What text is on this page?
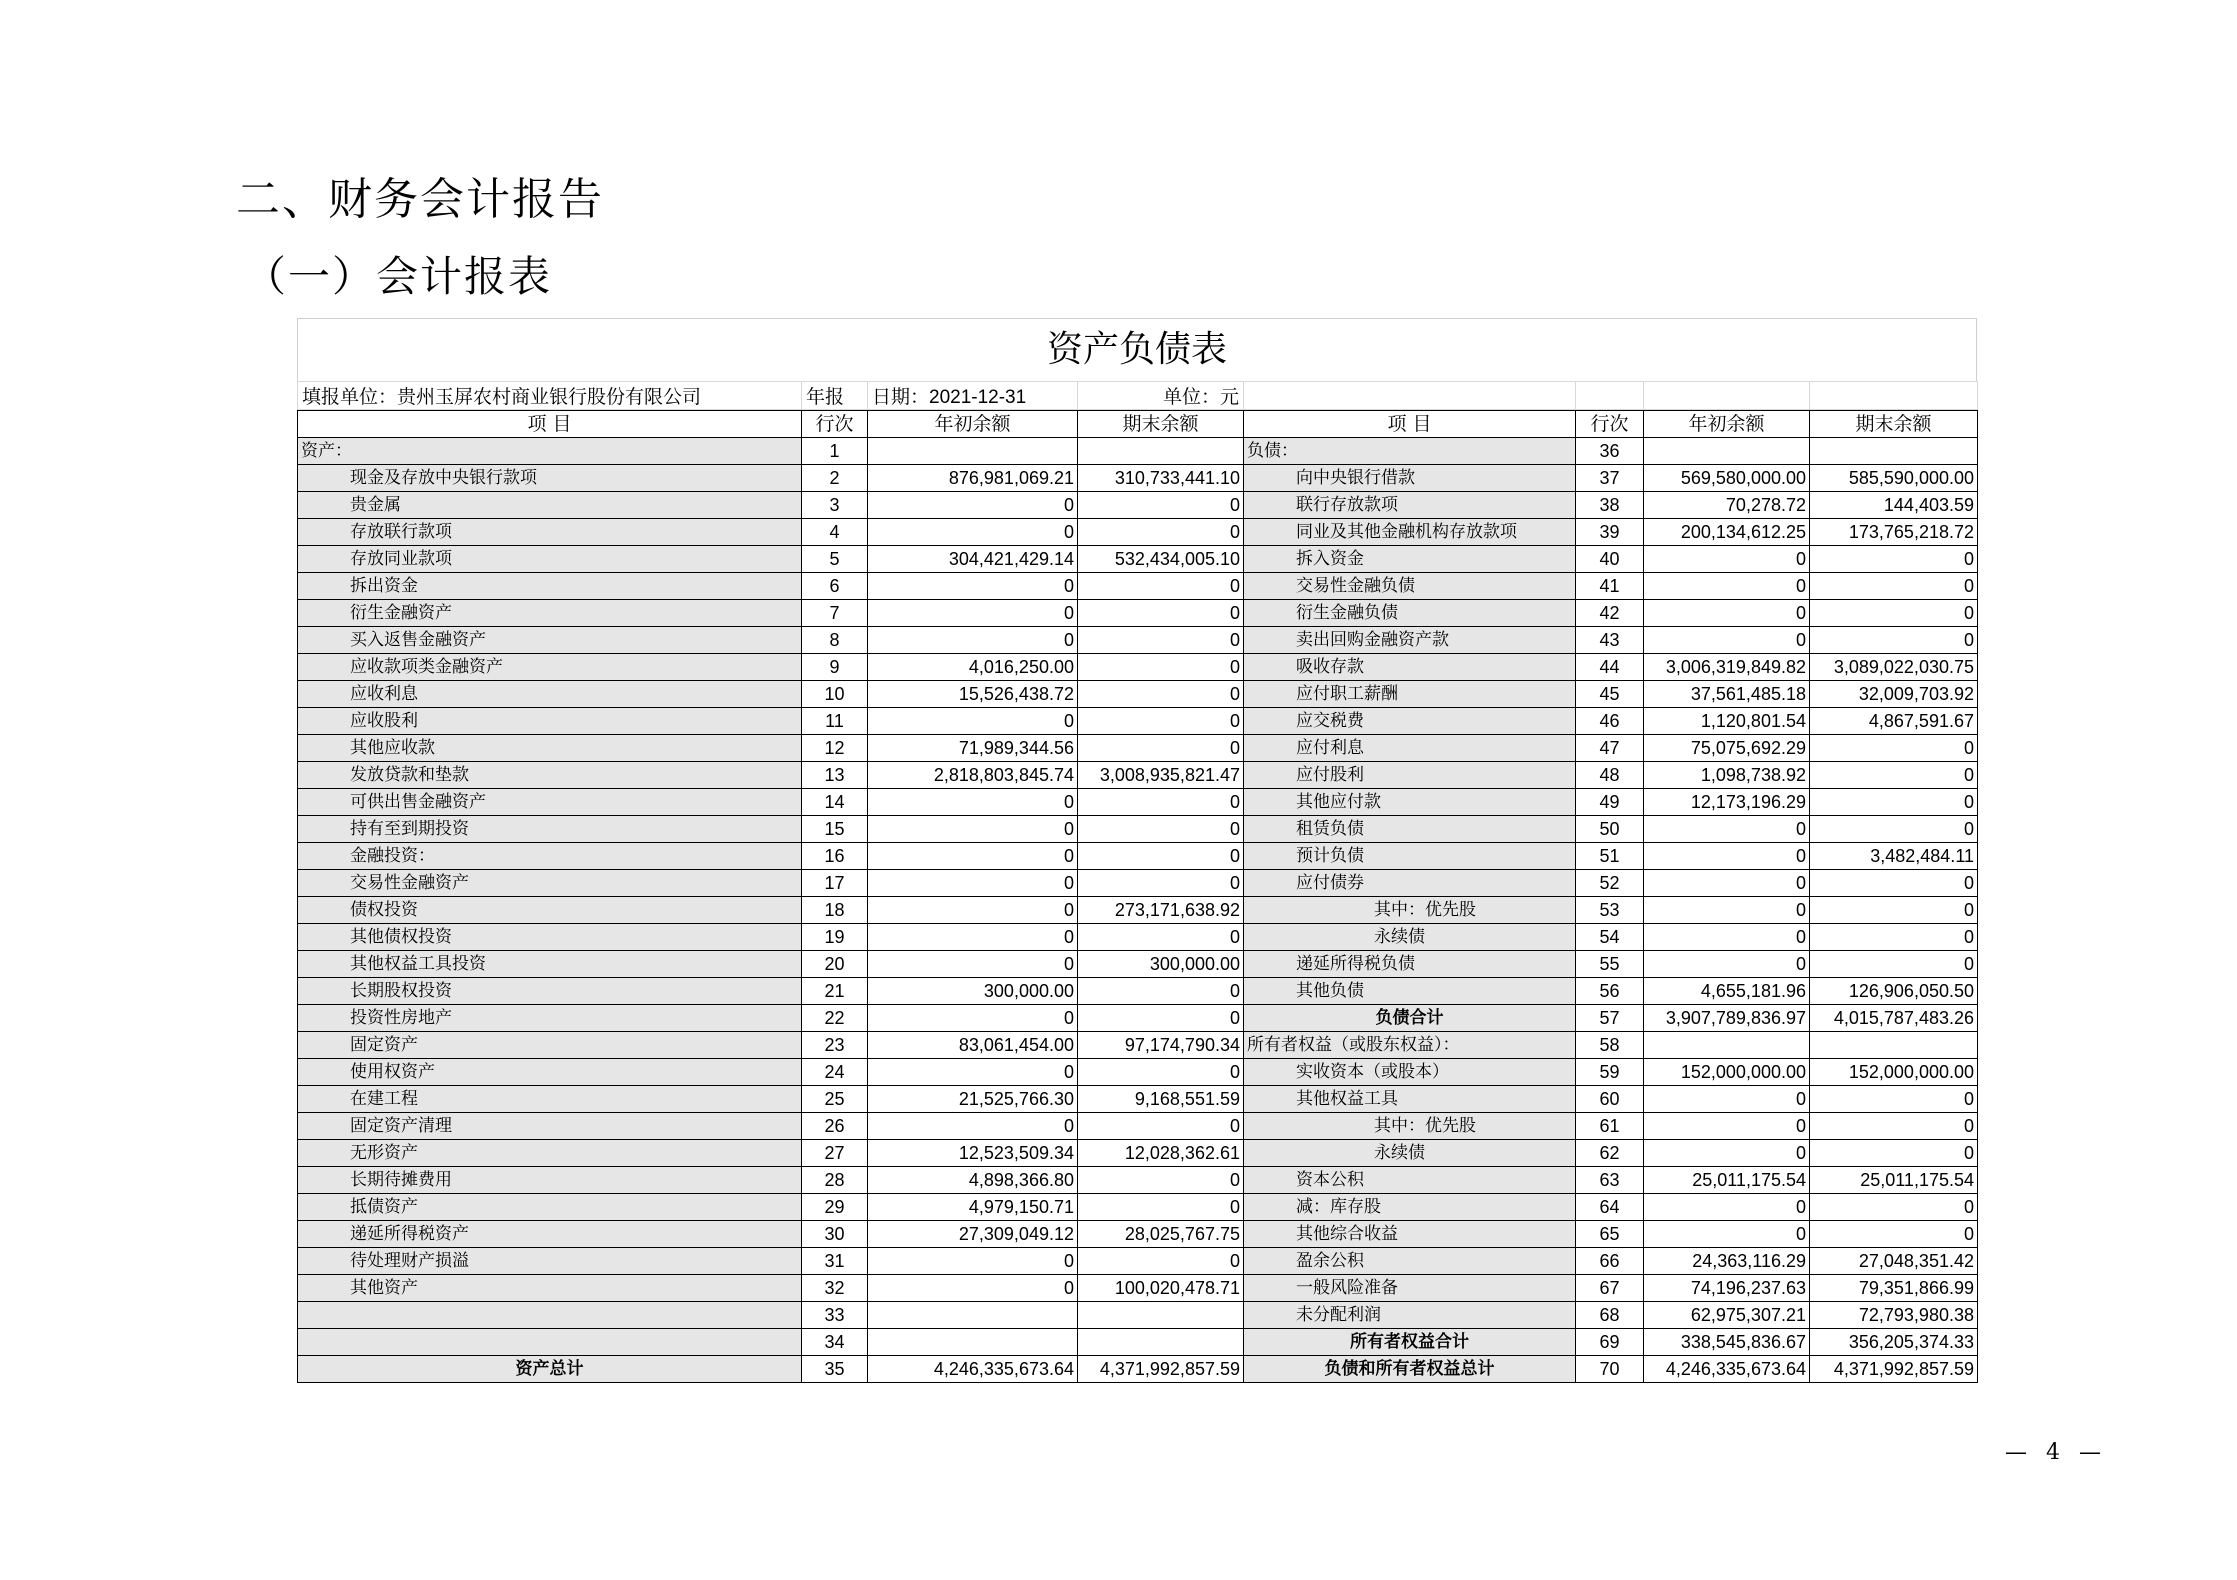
二、财务会计报告
（一）会计报表
资产负债表
填报单位：贵州玉屏农村商业银行股份有限公司	年报	日期：2021-12-31	单位：元				
项 目	行次	年初余额	期末余额	项 目	行次	年初余额	期末余额
资产：	1			负债：	36		
现金及存放中央银行款项	2	876,981,069.21	310,733,441.10	向中央银行借款	37	569,580,000.00	585,590,000.00
贵金属	3	0	0	联行存放款项	38	70,278.72	144,403.59
存放联行款项	4	0	0	同业及其他金融机构存放款项	39	200,134,612.25	173,765,218.72
存放同业款项	5	304,421,429.14	532,434,005.10	拆入资金	40	0	0
拆出资金	6	0	0	交易性金融负债	41	0	0
衍生金融资产	7	0	0	衍生金融负债	42	0	0
买入返售金融资产	8	0	0	卖出回购金融资产款	43	0	0
应收款项类金融资产	9	4,016,250.00	0	吸收存款	44	3,006,319,849.82	3,089,022,030.75
应收利息	10	15,526,438.72	0	应付职工薪酬	45	37,561,485.18	32,009,703.92
应收股利	11	0	0	应交税费	46	1,120,801.54	4,867,591.67
其他应收款	12	71,989,344.56	0	应付利息	47	75,075,692.29	0
发放贷款和垫款	13	2,818,803,845.74	3,008,935,821.47	应付股利	48	1,098,738.92	0
可供出售金融资产	14	0	0	其他应付款	49	12,173,196.29	0
持有至到期投资	15	0	0	租赁负债	50	0	0
金融投资：	16	0	0	预计负债	51	0	3,482,484.11
交易性金融资产	17	0	0	应付债券	52	0	0
债权投资	18	0	273,171,638.92	其中：优先股	53	0	0
其他债权投资	19	0	0	永续债	54	0	0
其他权益工具投资	20	0	300,000.00	递延所得税负债	55	0	0
长期股权投资	21	300,000.00	0	其他负债	56	4,655,181.96	126,906,050.50
投资性房地产	22	0	0	负债合计	57	3,907,789,836.97	4,015,787,483.26
固定资产	23	83,061,454.00	97,174,790.34	所有者权益（或股东权益）：	58		
使用权资产	24	0	0	实收资本（或股本）	59	152,000,000.00	152,000,000.00
在建工程	25	21,525,766.30	9,168,551.59	其他权益工具	60	0	0
固定资产清理	26	0	0	其中：优先股	61	0	0
无形资产	27	12,523,509.34	12,028,362.61	永续债	62	0	0
长期待摊费用	28	4,898,366.80	0	资本公积	63	25,011,175.54	25,011,175.54
抵债资产	29	4,979,150.71	0	减：库存股	64	0	0
递延所得税资产	30	27,309,049.12	28,025,767.75	其他综合收益	65	0	0
待处理财产损溢	31	0	0	盈余公积	66	24,363,116.29	27,048,351.42
其他资产	32	0	100,020,478.71	一般风险准备	67	74,196,237.63	79,351,866.99
	33			未分配利润	68	62,975,307.21	72,793,980.38
	34			所有者权益合计	69	338,545,836.67	356,205,374.33
资产总计	35	4,246,335,673.64	4,371,992,857.59	负债和所有者权益总计	70	4,246,335,673.64	4,371,992,857.59
— 4 —
